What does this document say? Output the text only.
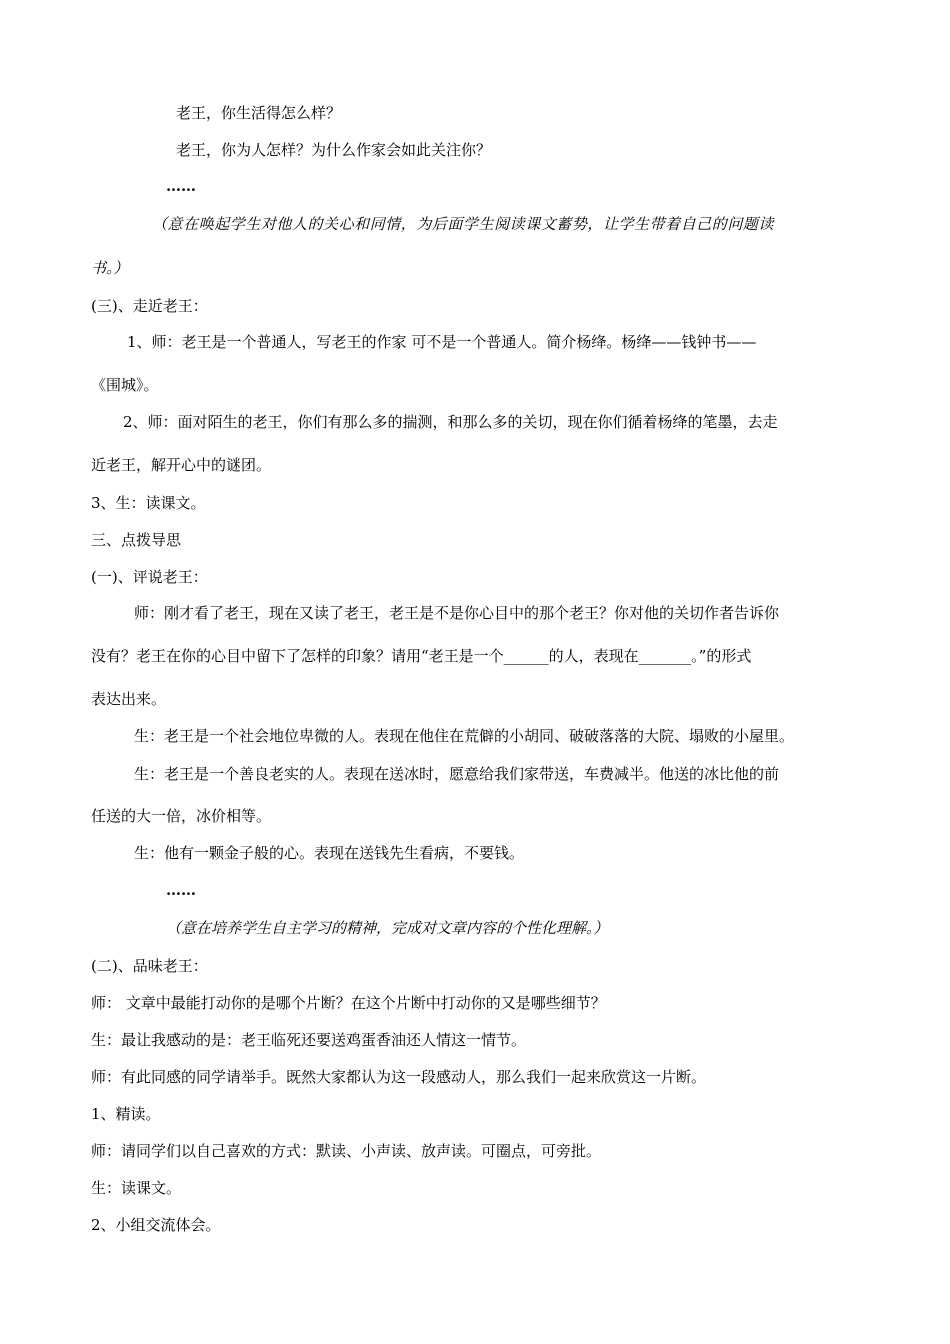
老王，你生活得怎么样？
老王，你为人怎样？为什么作家会如此关注你？
……
（意在唤起学生对他人的关心和同情，为后面学生阅读课文蓄势，让学生带着自己的问题读
书。）
(三)、走近老王：
1、师：老王是一个普通人，写老王的作家 可不是一个普通人。简介杨绛。杨绛——钱钟书——
《围城》。
2、师：面对陌生的老王，你们有那么多的揣测，和那么多的关切，现在你们循着杨绛的笔墨，去走
近老王，解开心中的谜团。
3、生：读课文。
三、点拨导思
(一)、评说老王：
师：刚才看了老王，现在又读了老王，老王是不是你心目中的那个老王？你对他的关切作者告诉你
没有？老王在你的心目中留下了怎样的印象？请用“老王是一个______的人，表现在_______。”的形式
表达出来。
生：老王是一个社会地位卑微的人。表现在他住在荒僻的小胡同、破破落落的大院、塌败的小屋里。
生：老王是一个善良老实的人。表现在送冰时，愿意给我们家带送，车费减半。他送的冰比他的前
任送的大一倍，冰价相等。
生：他有一颗金子般的心。表现在送钱先生看病，不要钱。
……
（意在培养学生自主学习的精神，完成对文章内容的个性化理解。）
(二)、品味老王：
师： 文章中最能打动你的是哪个片断？在这个片断中打动你的又是哪些细节？
生：最让我感动的是：老王临死还要送鸡蛋香油还人情这一情节。
师：有此同感的同学请举手。既然大家都认为这一段感动人，那么我们一起来欣赏这一片断。
1、精读。
师：请同学们以自己喜欢的方式：默读、小声读、放声读。可圈点，可旁批。
生：读课文。
2、小组交流体会。
